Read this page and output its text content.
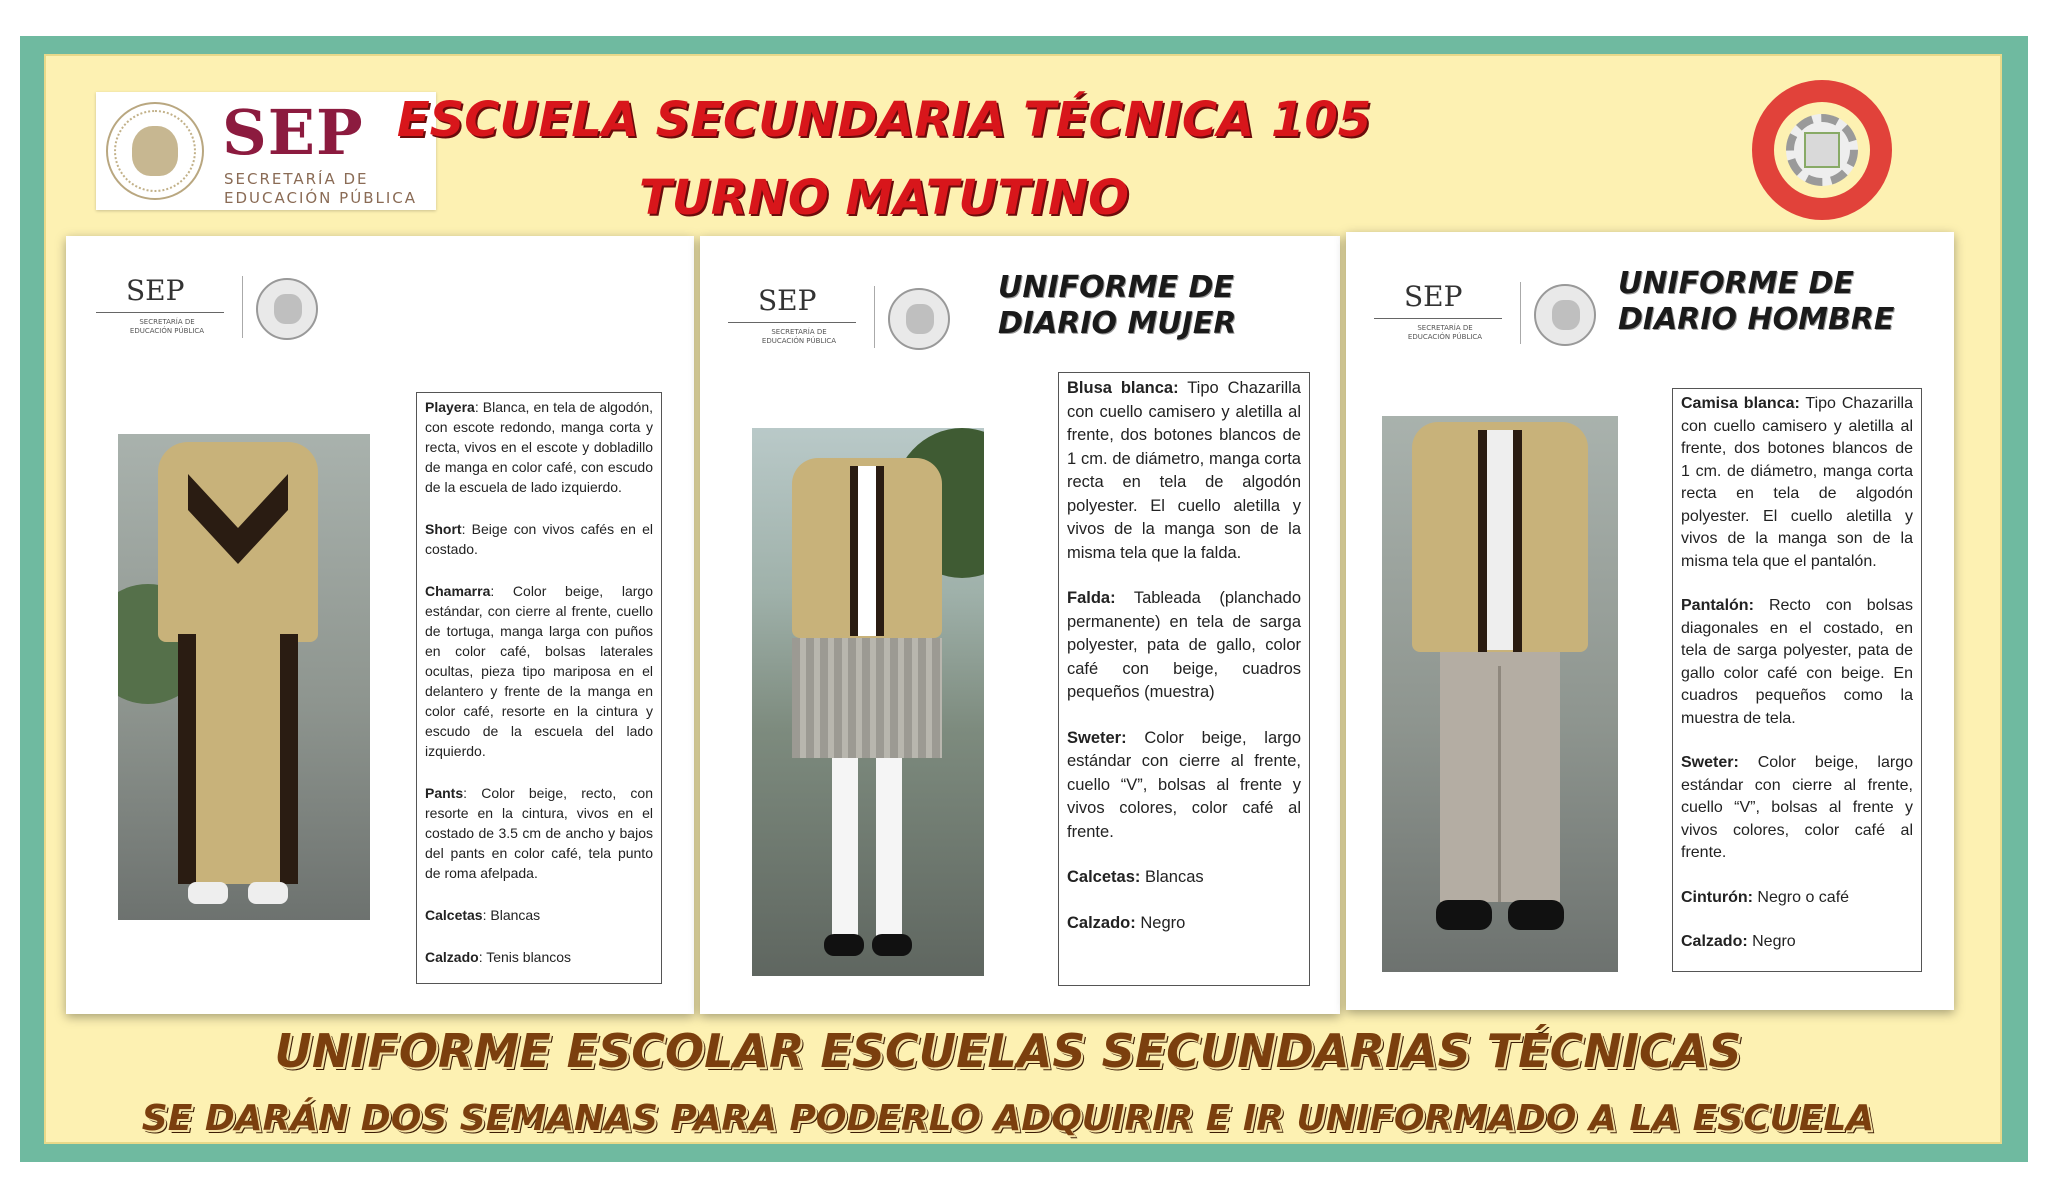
SEP
SECRETARÍA DE
EDUCACIÓN PÚBLICA
ESCUELA SECUNDARIA TÉCNICA 105
TURNO MATUTINO
SEP
SECRETARÍA DE
EDUCACIÓN PÚBLICA

Playera: Blanca, en tela de algodón, con escote redondo, manga corta y recta, vivos en el escote y dobladillo de manga en color café, con escudo de la escuela de lado izquierdo.

Short: Beige con vivos cafés en el costado.

Chamarra: Color beige, largo estándar, con cierre al frente, cuello de tortuga, manga larga con puños en color café, bolsas laterales ocultas, pieza tipo mariposa en el delantero y frente de la manga en color café, resorte en la cintura y escudo de la escuela del lado izquierdo.

Pants: Color beige, recto, con resorte en la cintura, vivos en el costado de 3.5 cm de ancho y bajos del pants en color café, tela punto de roma afelpada.

Calcetas: Blancas

Calzado: Tenis blancos

SEP
SECRETARÍA DE
EDUCACIÓN PÚBLICA
UNIFORME DE
DIARIO MUJER

Blusa blanca: Tipo Chazarilla con cuello camisero y aletilla al frente, dos botones blancos de 1 cm. de diámetro, manga corta recta en tela de algodón polyester. El cuello aletilla y vivos de la manga son de la misma tela que la falda.

Falda: Tableada (planchado permanente) en tela de sarga polyester, pata de gallo, color café con beige, cuadros pequeños (muestra)

Sweter: Color beige, largo estándar con cierre al frente, cuello “V”, bolsas al frente y vivos colores, color café al frente.

Calcetas: Blancas

Calzado: Negro

SEP
SECRETARÍA DE
EDUCACIÓN PÚBLICA
UNIFORME DE
DIARIO HOMBRE

Camisa blanca: Tipo Chazarilla con cuello camisero y aletilla al frente, dos botones blancos de 1 cm. de diámetro, manga corta recta en tela de algodón polyester. El cuello aletilla y vivos de la manga son de la misma tela que el pantalón.

Pantalón: Recto con bolsas diagonales en el costado, en tela de sarga polyester, pata de gallo color café con beige. En cuadros pequeños como la muestra de tela.

Sweter: Color beige, largo estándar con cierre al frente, cuello “V”, bolsas al frente y vivos colores, color café al frente.

Cinturón: Negro o café

Calzado: Negro

UNIFORME ESCOLAR ESCUELAS SECUNDARIAS TÉCNICAS
SE DARÁN DOS SEMANAS PARA PODERLO ADQUIRIR E IR UNIFORMADO A LA ESCUELA
